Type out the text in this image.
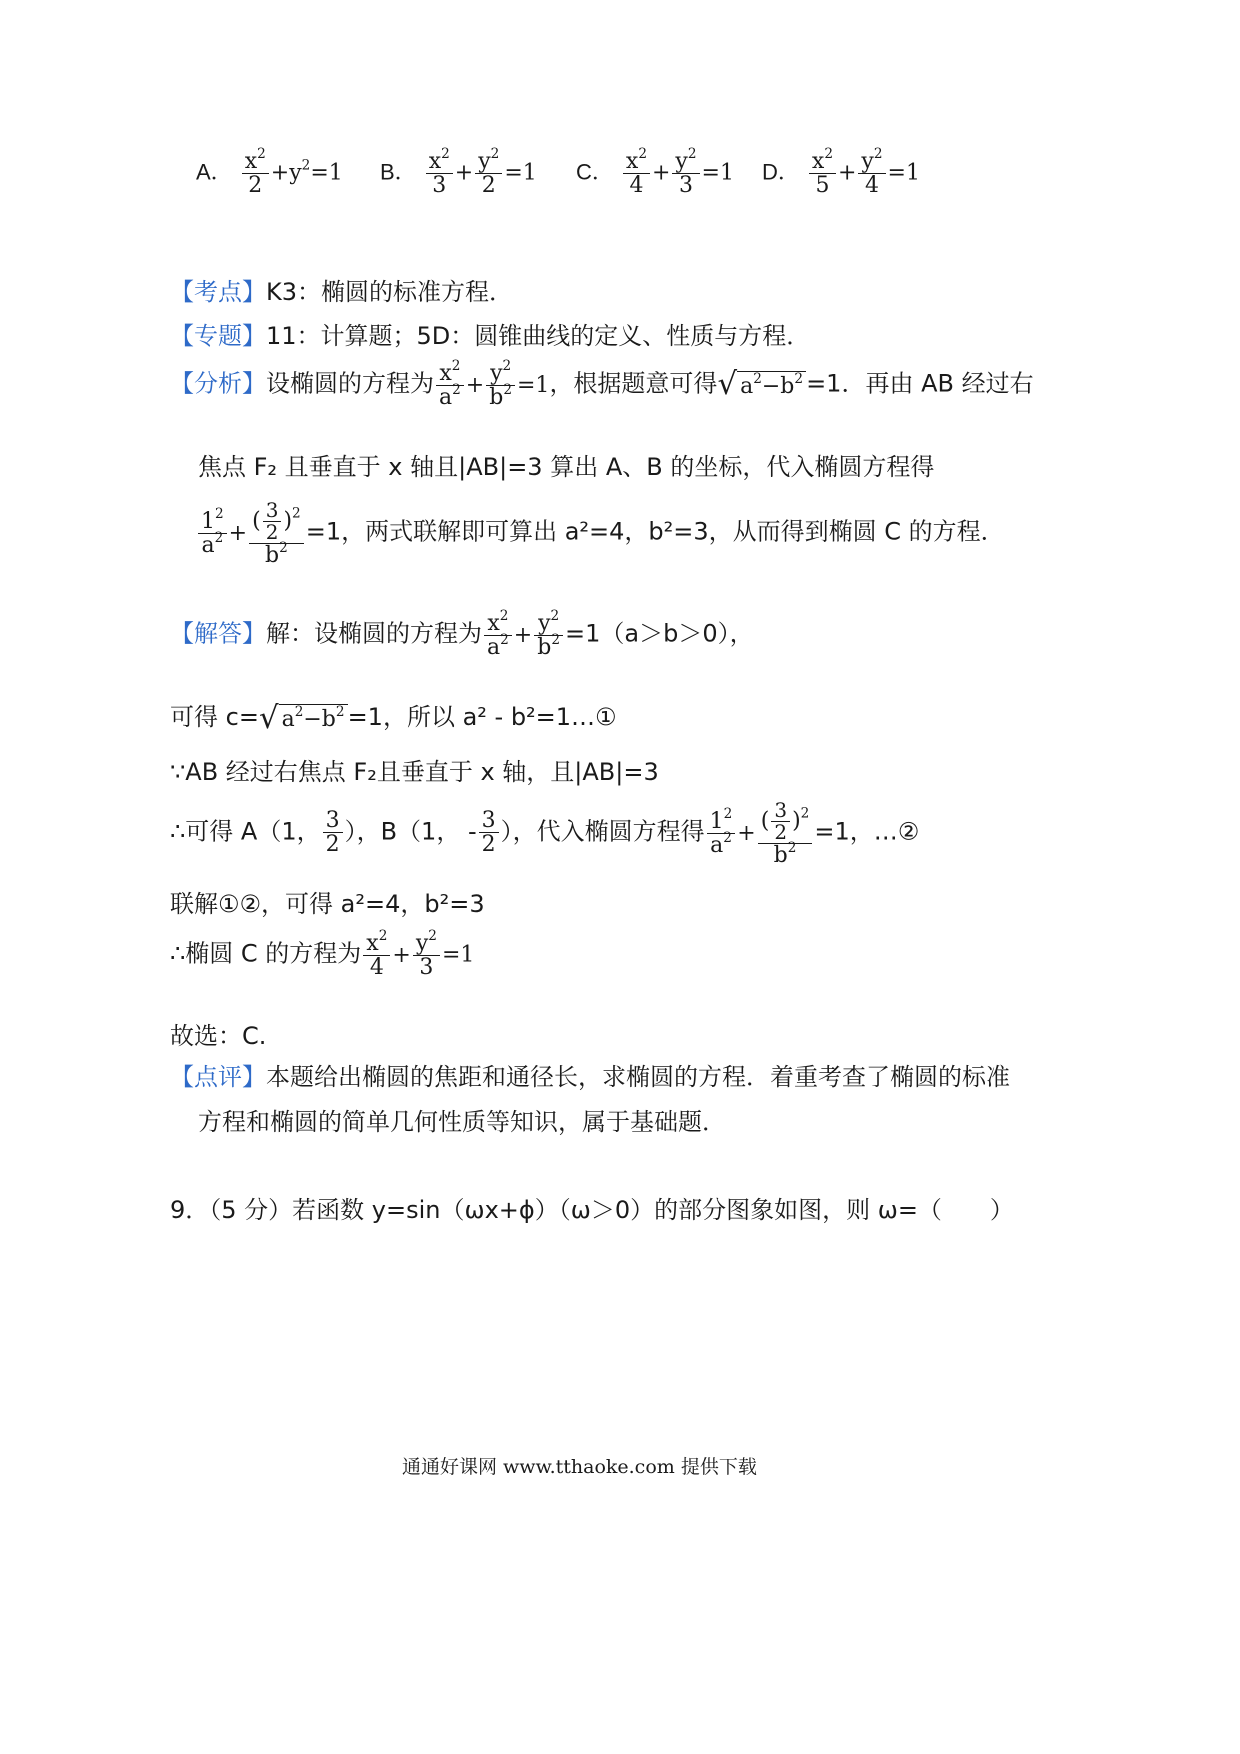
A． $\frac{x^2}{2} +y^2=1$ B． $\frac{x^2}{3} + \frac{y^2}{2} =1$ C． $\frac{x^2}{4} + \frac{y^2}{3} =1$ D． $\frac{x^2}{5} + \frac{y^2}{4} =1$
【考点】K3：椭圆的标准方程．
【专题】11：计算题；5D：圆锥曲线的定义、性质与方程．
【分析】设椭圆的方程为 $\frac{x^2}{a^2} + \frac{y^2}{b^2} =1$，根据题意可得√ $a^2-b^2 =1$．再由 AB 经过右
焦点 F₂ 且垂直于 x 轴且|AB|=3 算出 A、B 的坐标，代入椭圆方程得
$\frac{1^2}{a^2} + \frac{( \frac{3}{2} )^2}{b^2} =1$，两式联解即可算出 a²=4，b²=3，从而得到椭圆 C 的方程．
【解答】解：设椭圆的方程为 $\frac{x^2}{a^2} + \frac{y^2}{b^2} =1(a>b>0)$，
可得 c=√ $a^2-b^2 =1$，所以 a² - b²=1…①
∵AB 经过右焦点 F₂且垂直于 x 轴，且|AB|=3
∴可得 A（1， $\frac{3}{2}$ ），B（1， - $\frac{3}{2}$ ），代入椭圆方程得 $\frac{1^2}{a^2} + \frac{( \frac{3}{2} )^2}{b^2} =1$，…②
联解①②，可得 a²=4，b²=3
∴椭圆 C 的方程为 $\frac{x^2}{4} + \frac{y^2}{3} =1$
故选：C.
【点评】本题给出椭圆的焦距和通径长，求椭圆的方程．着重考查了椭圆的标准
方程和椭圆的简单几何性质等知识，属于基础题．
9．（5 分）若函数 y=sin（ωx+ϕ）（ω＞0）的部分图象如图，则 ω=（　　）
通通好课网 www.tthaoke.com 提供下载
